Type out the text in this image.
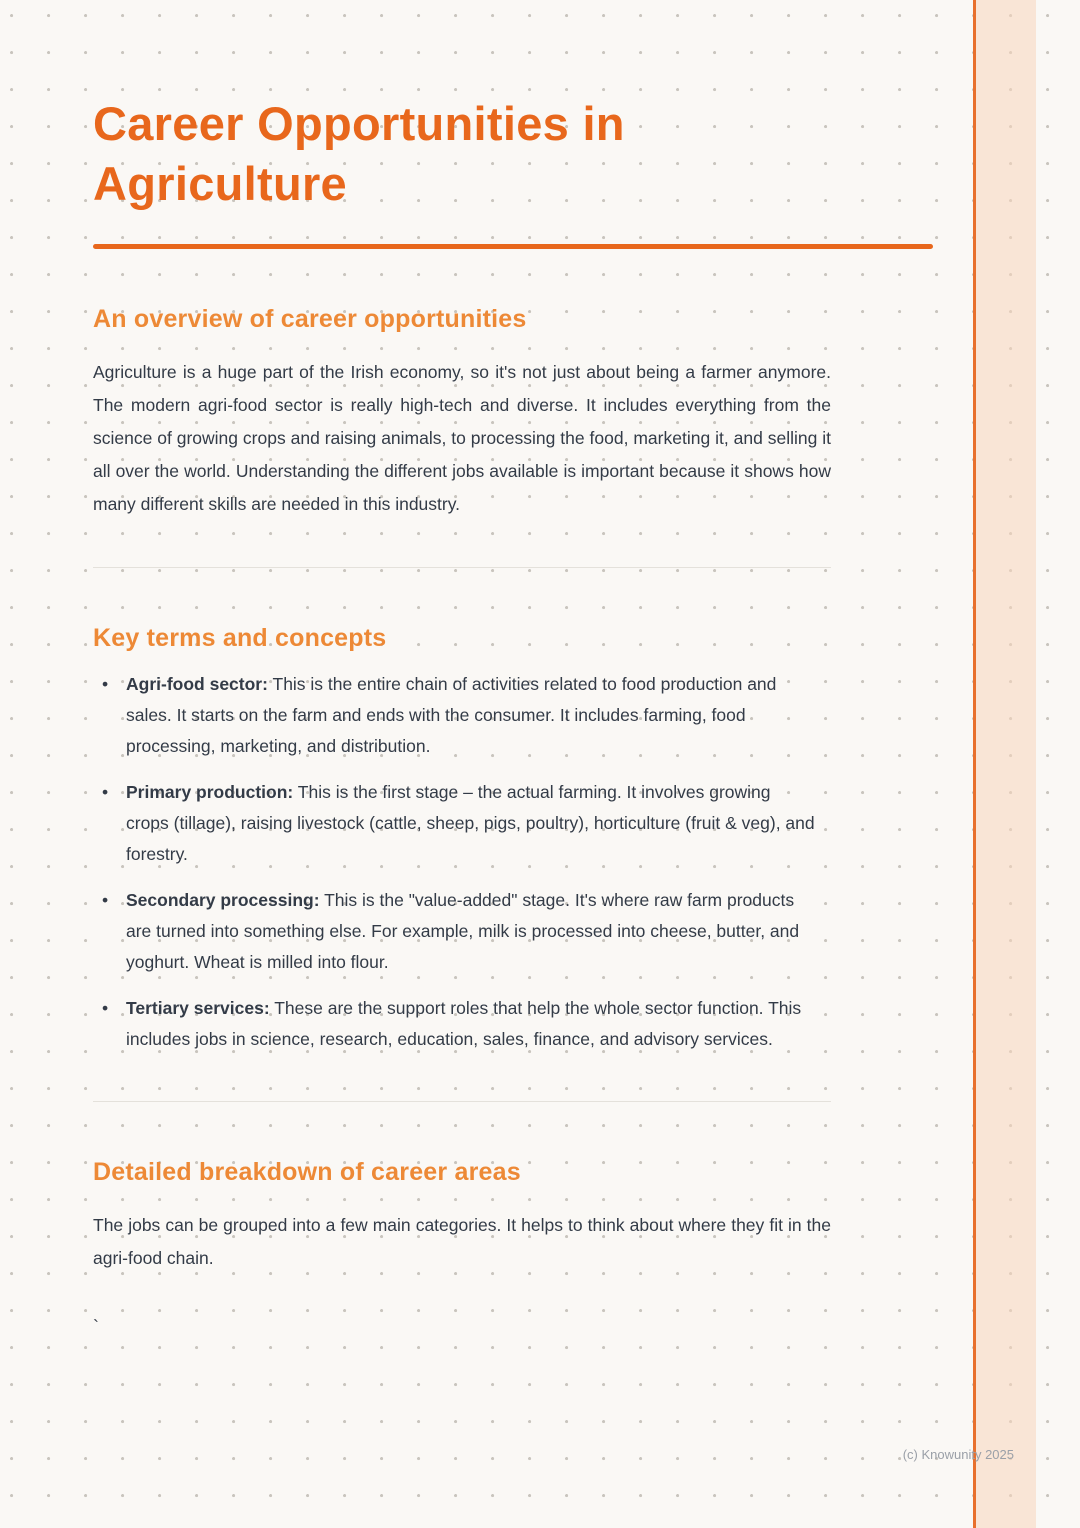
Career Opportunities in Agriculture
An overview of career opportunities

Agriculture is a huge part of the Irish economy, so it's not just about being a farmer anymore. The modern agri-food sector is really high-tech and diverse. It includes everything from the science of growing crops and raising animals, to processing the food, marketing it, and selling it all over the world. Understanding the different jobs available is important because it shows how many different skills are needed in this industry.

Key terms and concepts
• Agri-food sector: This is the entire chain of activities related to food production and sales. It starts on the farm and ends with the consumer. It includes farming, food processing, marketing, and distribution.
• Primary production: This is the first stage – the actual farming. It involves growing crops (tillage), raising livestock (cattle, sheep, pigs, poultry), horticulture (fruit & veg), and forestry.
• Secondary processing: This is the "value-added" stage. It's where raw farm products are turned into something else. For example, milk is processed into cheese, butter, and yoghurt. Wheat is milled into flour.
• Tertiary services: These are the support roles that help the whole sector function. This includes jobs in science, research, education, sales, finance, and advisory services.
Detailed breakdown of career areas

The jobs can be grouped into a few main categories. It helps to think about where they fit in the agri-food chain.

`
(c) Knowunity 2025
